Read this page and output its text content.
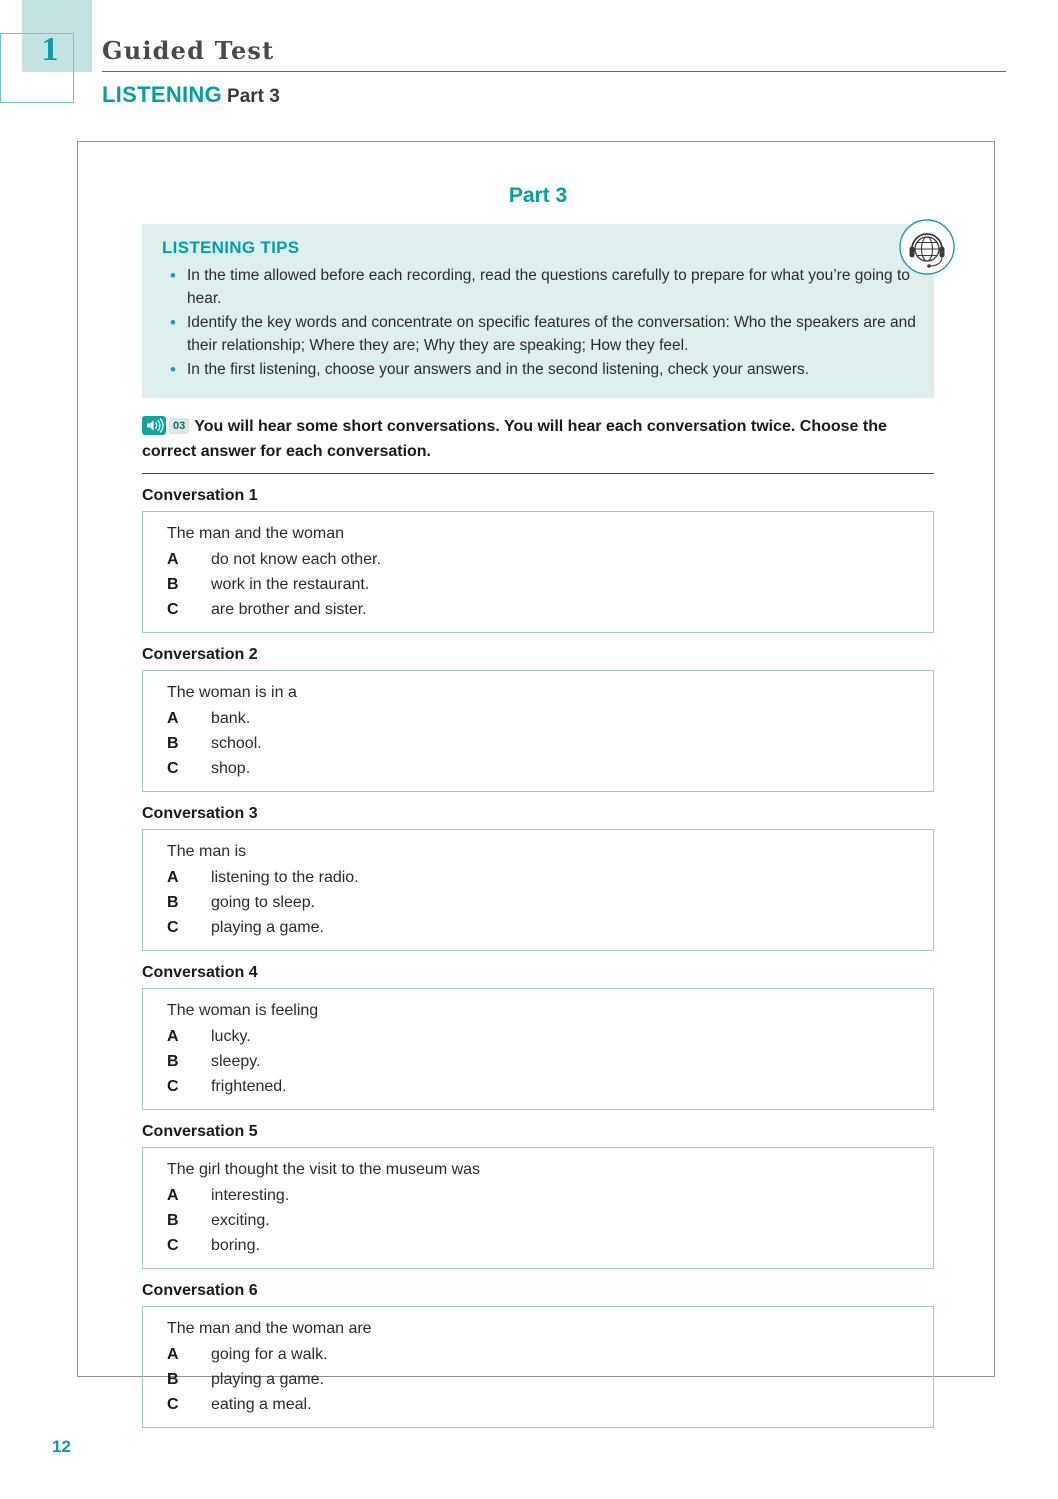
1	Guided Test
LISTENING Part 3
Part 3
LISTENING TIPS
• In the time allowed before each recording, read the questions carefully to prepare for what you’re going to hear.
• Identify the key words and concentrate on specific features of the conversation: Who the speakers are and their relationship; Where they are; Why they are speaking; How they feel.
• In the first listening, choose your answers and in the second listening, check your answers.
03 You will hear some short conversations. You will hear each conversation twice. Choose the correct answer for each conversation.
Conversation 1
The man and the woman
A	do not know each other.
B	work in the restaurant.
C	are brother and sister.
Conversation 2
The woman is in a
A	bank.
B	school.
C	shop.
Conversation 3
The man is
A	listening to the radio.
B	going to sleep.
C	playing a game.
Conversation 4
The woman is feeling
A	lucky.
B	sleepy.
C	frightened.
Conversation 5
The girl thought the visit to the museum was
A	interesting.
B	exciting.
C	boring.
Conversation 6
The man and the woman are
A	going for a walk.
B	playing a game.
C	eating a meal.
12
